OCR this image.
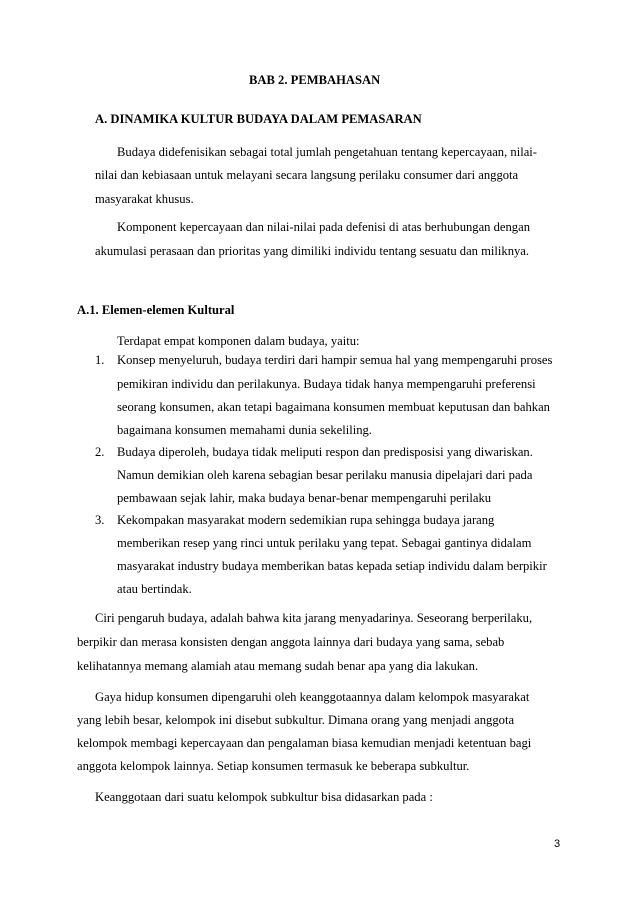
BAB 2. PEMBAHASAN
A. DINAMIKA KULTUR BUDAYA DALAM PEMASARAN
Budaya didefenisikan sebagai total jumlah pengetahuan tentang kepercayaan, nilai-
nilai dan kebiasaan untuk melayani secara langsung perilaku consumer dari anggota
masyarakat khusus.
Komponent kepercayaan dan nilai-nilai pada defenisi di atas berhubungan dengan
akumulasi perasaan dan prioritas yang dimiliki individu tentang sesuatu dan miliknya.
A.1. Elemen-elemen Kultural
Terdapat empat komponen dalam budaya, yaitu:
1. Konsep menyeluruh, budaya terdiri dari hampir semua hal yang mempengaruhi proses
pemikiran individu dan perilakunya. Budaya tidak hanya mempengaruhi preferensi
seorang konsumen, akan tetapi bagaimana konsumen membuat keputusan dan bahkan
bagaimana konsumen memahami dunia sekeliling.
2. Budaya diperoleh, budaya tidak meliputi respon dan predisposisi yang diwariskan.
Namun demikian oleh karena sebagian besar perilaku manusia dipelajari dari pada
pembawaan sejak lahir, maka budaya benar-benar mempengaruhi perilaku
3. Kekompakan masyarakat modern sedemikian rupa sehingga budaya jarang
memberikan resep yang rinci untuk perilaku yang tepat. Sebagai gantinya didalam
masyarakat industry budaya memberikan batas kepada setiap individu dalam berpikir
atau bertindak.
Ciri pengaruh budaya, adalah bahwa kita jarang menyadarinya. Seseorang berperilaku,
berpikir dan merasa konsisten dengan anggota lainnya dari budaya yang sama, sebab
kelihatannya memang alamiah atau memang sudah benar apa yang dia lakukan.
Gaya hidup konsumen dipengaruhi oleh keanggotaannya dalam kelompok masyarakat
yang lebih besar, kelompok ini disebut subkultur. Dimana orang yang menjadi anggota
kelompok membagi kepercayaan dan pengalaman biasa kemudian menjadi ketentuan bagi
anggota kelompok lainnya. Setiap konsumen termasuk ke beberapa subkultur.
Keanggotaan dari suatu kelompok subkultur bisa didasarkan pada :
3
